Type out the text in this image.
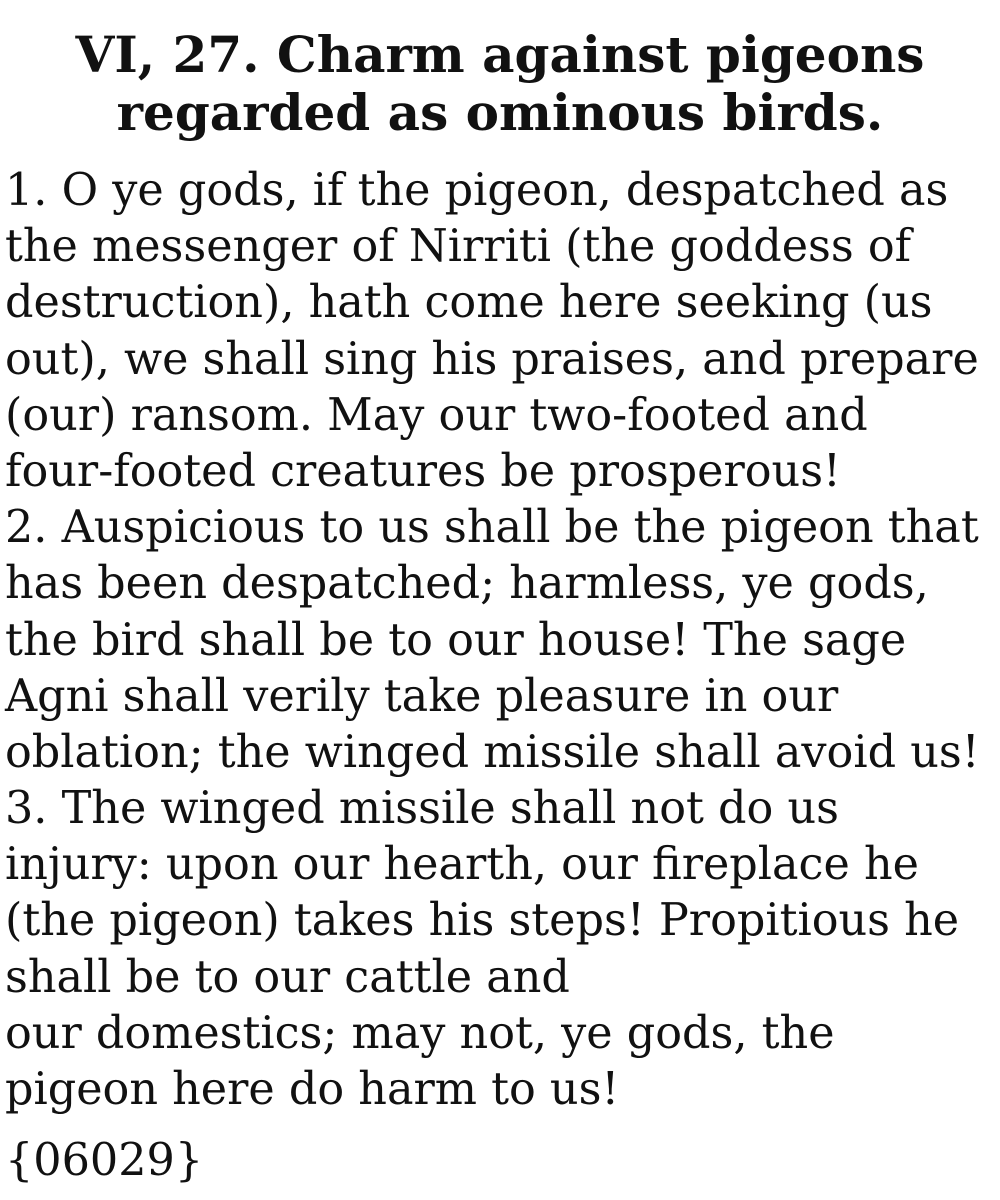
VI, 27. Charm against pigeons
regarded as ominous birds.
1. O ye gods, if the pigeon, despatched as
the messenger of Nirriti (the goddess of
destruction), hath come here seeking (us
out), we shall sing his praises, and prepare
(our) ransom. May our two-footed and
four-footed creatures be prosperous!
2. Auspicious to us shall be the pigeon that
has been despatched; harmless, ye gods,
the bird shall be to our house! The sage
Agni shall verily take pleasure in our
oblation; the winged missile shall avoid us!
3. The winged missile shall not do us
injury: upon our hearth, our fireplace he
(the pigeon) takes his steps! Propitious he
shall be to our cattle and
our domestics; may not, ye gods, the
pigeon here do harm to us!
{06029}
